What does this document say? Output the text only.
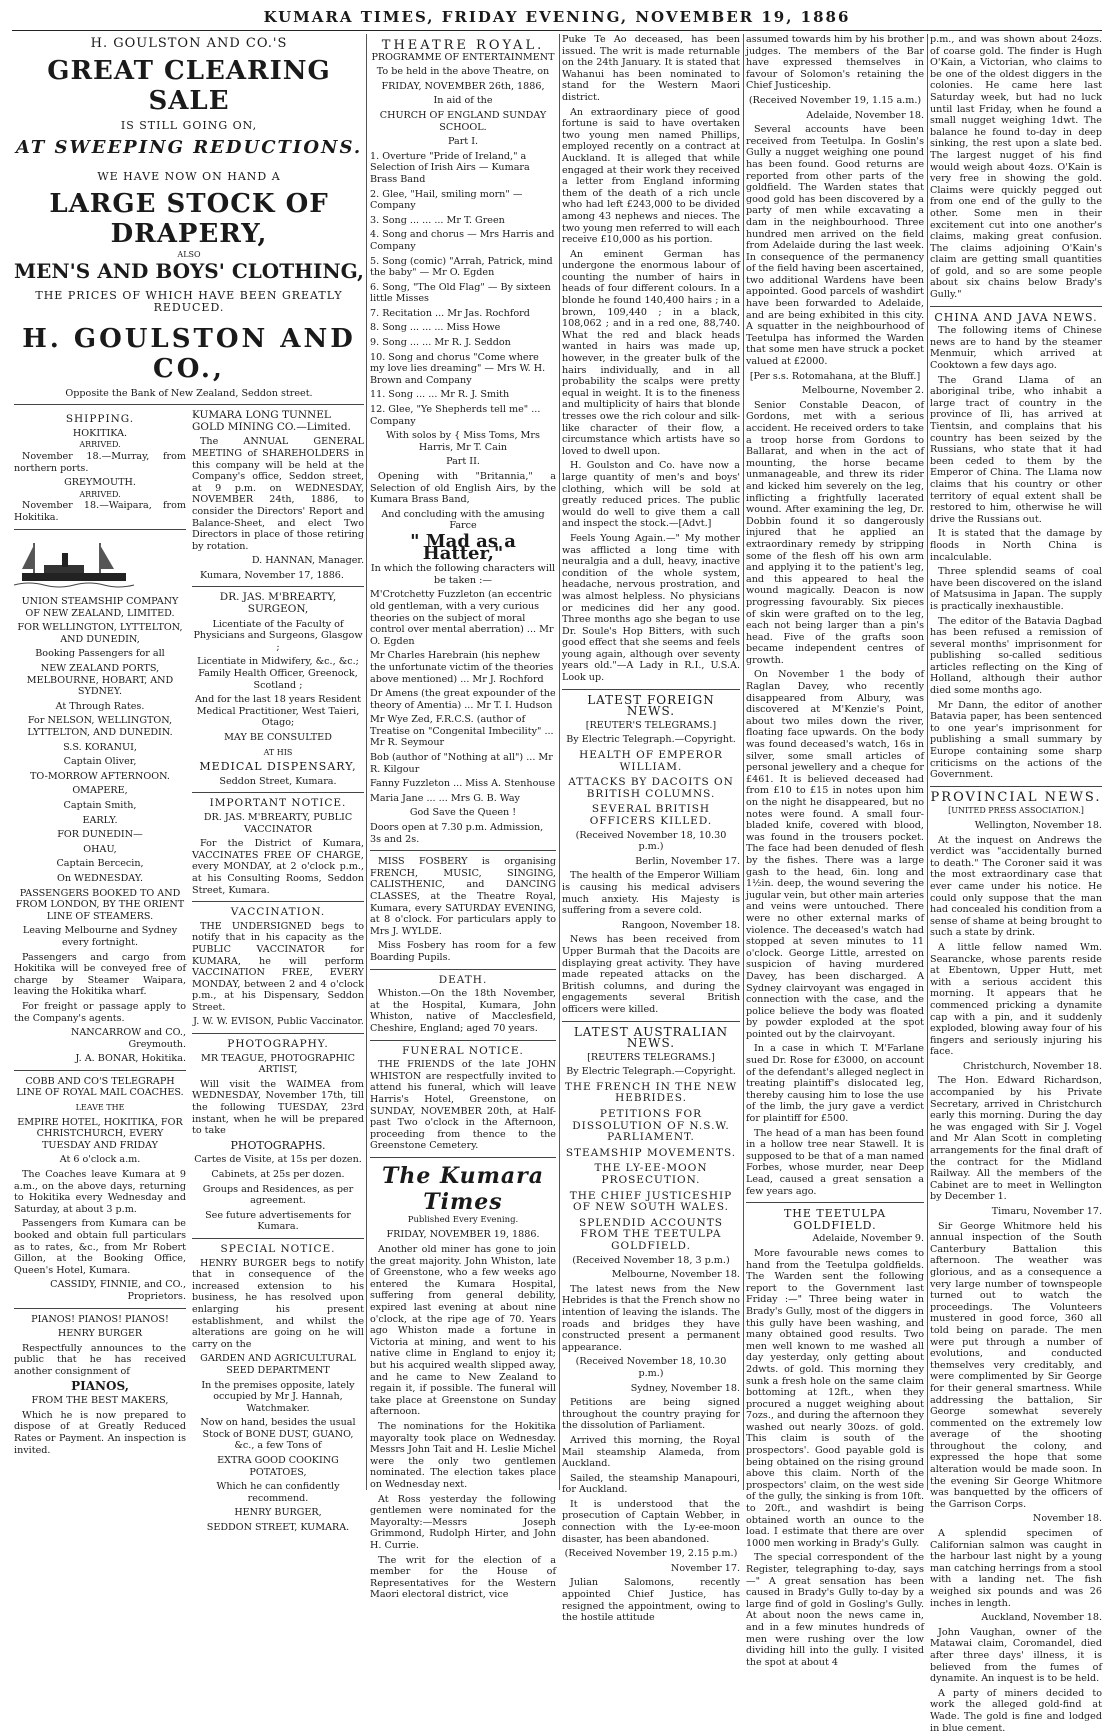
KUMARA TIMES, FRIDAY EVENING, NOVEMBER 19, 1886
H. GOULSTON AND CO.'S
GREAT CLEARING SALE
IS STILL GOING ON,
AT SWEEPING REDUCTIONS.
WE HAVE NOW ON HAND A
LARGE STOCK OF DRAPERY,
ALSO
MEN'S AND BOYS' CLOTHING,
THE PRICES OF WHICH HAVE BEEN GREATLY REDUCED.
H. GOULSTON AND CO.,
Opposite the Bank of New Zealand, Seddon street.
SHIPPING.
HOKITIKA.
ARRIVED.

November 18.—Murray, from northern ports.

GREYMOUTH.
ARRIVED.

November 18.—Waipara, from Hokitika.

UNION STEAMSHIP COMPANY OF NEW ZEALAND, LIMITED.

FOR WELLINGTON, LYTTELTON, AND DUNEDIN,

Booking Passengers for all

NEW ZEALAND PORTS, MELBOURNE, HOBART, AND SYDNEY.

At Through Rates.

For NELSON, WELLINGTON, LYTTELTON, AND DUNEDIN.

S.S. KORANUI,

Captain Oliver,

TO-MORROW AFTERNOON.

OMAPERE,

Captain Smith,

EARLY.

FOR DUNEDIN—

OHAU,

Captain Bercecin,

On WEDNESDAY.

PASSENGERS BOOKED TO AND FROM LONDON, BY THE ORIENT LINE OF STEAMERS.

Leaving Melbourne and Sydney every fortnight.

Passengers and cargo from Hokitika will be conveyed free of charge by Steamer Waipara, leaving the Hokitika wharf.

For freight or passage apply to the Company's agents.

NANCARROW and CO., Greymouth.

J. A. BONAR, Hokitika.

COBB AND CO'S TELEGRAPH LINE OF ROYAL MAIL COACHES.

LEAVE THE

EMPIRE HOTEL, HOKITIKA, FOR CHRISTCHURCH, EVERY TUESDAY AND FRIDAY

At 6 o'clock a.m.

The Coaches leave Kumara at 9 a.m., on the above days, returning to Hokitika every Wednesday and Saturday, at about 3 p.m.

Passengers from Kumara can be booked and obtain full particulars as to rates, &c., from Mr Robert Gillon, at the Booking Office, Queen's Hotel, Kumara.

CASSIDY, FINNIE, and CO., Proprietors.

PIANOS! PIANOS! PIANOS!

HENRY BURGER

Respectfully announces to the public that he has received another consignment of

PIANOS,

FROM THE BEST MAKERS,

Which he is now prepared to dispose of at Greatly Reduced Rates or Payment. An inspection is invited.

KUMARA LONG TUNNEL GOLD MINING CO.—Limited.

The ANNUAL GENERAL MEETING of SHAREHOLDERS in this company will be held at the Company's office, Seddon street, at 9 p.m. on WEDNESDAY, NOVEMBER 24th, 1886, to consider the Directors' Report and Balance-Sheet, and elect Two Directors in place of those retiring by rotation.

D. HANNAN, Manager.

Kumara, November 17, 1886.

DR. JAS. M'BREARTY, SURGEON,

Licentiate of the Faculty of Physicians and Surgeons, Glasgow ;

Licentiate in Midwifery, &c., &c.; Family Health Officer, Greenock, Scotland ;

And for the last 18 years Resident Medical Practitioner, West Taieri, Otago;

MAY BE CONSULTED

AT HIS

MEDICAL DISPENSARY,

Seddon Street, Kumara.

IMPORTANT NOTICE.

DR. JAS. M'BREARTY, PUBLIC VACCINATOR

For the District of Kumara, VACCINATES FREE OF CHARGE, every MONDAY, at 2 o'clock p.m., at his Consulting Rooms, Seddon Street, Kumara.

VACCINATION.

THE UNDERSIGNED begs to notify that in his capacity as the PUBLIC VACCINATOR for KUMARA, he will perform VACCINATION FREE, EVERY MONDAY, between 2 and 4 o'clock p.m., at his Dispensary, Seddon Street.

J. W. W. EVISON, Public Vaccinator.

PHOTOGRAPHY.

MR TEAGUE, PHOTOGRAPHIC ARTIST,

Will visit the WAIMEA from WEDNESDAY, November 17th, till the following TUESDAY, 23rd instant, when he will be prepared to take

PHOTOGRAPHS.

Cartes de Visite, at 15s per dozen.

Cabinets, at 25s per dozen.

Groups and Residences, as per agreement.

See future advertisements for Kumara.

SPECIAL NOTICE.

HENRY BURGER begs to notify that in consequence of the increased extension to his business, he has resolved upon enlarging his present establishment, and whilst the alterations are going on he will carry on the

GARDEN AND AGRICULTURAL SEED DEPARTMENT

In the premises opposite, lately occupied by Mr J. Hannah, Watchmaker.

Now on hand, besides the usual Stock of BONE DUST, GUANO, &c., a few Tons of

EXTRA GOOD COOKING POTATOES,

Which he can confidently recommend.

HENRY BURGER,

SEDDON STREET, KUMARA.

THEATRE ROYAL.

PROGRAMME OF ENTERTAINMENT

To be held in the above Theatre, on

FRIDAY, NOVEMBER 26th, 1886,

In aid of the

CHURCH OF ENGLAND SUNDAY SCHOOL.

Part I.

1. Overture "Pride of Ireland," a Selection of Irish Airs — Kumara Brass Band

2. Glee, "Hail, smiling morn" — Company

3. Song ... ... ... Mr T. Green

4. Song and chorus — Mrs Harris and Company

5. Song (comic) "Arrah, Patrick, mind the baby" — Mr O. Egden

6. Song, "The Old Flag" — By sixteen little Misses

7. Recitation ... Mr Jas. Rochford

8. Song ... ... ... Miss Howe

9. Song ... ... Mr R. J. Seddon

10. Song and chorus "Come where my love lies dreaming" — Mrs W. H. Brown and Company

11. Song ... ... Mr R. J. Smith

12. Glee, "Ye Shepherds tell me" ... Company

With solos by { Miss Toms, Mrs Harris, Mr T. Cain

Part II.

Opening with "Britannia," a Selection of old English Airs, by the Kumara Brass Band,

And concluding with the amusing Farce

" Mad as a Hatter,"

In which the following characters will be taken :—

M'Crotchetty Fuzzleton (an eccentric old gentleman, with a very curious theories on the subject of moral control over mental aberration) ... Mr O. Egden

Mr Charles Harebrain (his nephew the unfortunate victim of the theories above mentioned) ... Mr J. Rochford

Dr Amens (the great expounder of the theory of Amentia) ... Mr T. I. Hudson

Mr Wye Zed, F.R.C.S. (author of Treatise on "Congenital Imbecility" ... Mr R. Seymour

Bob (author of "Nothing at all") ... Mr R. Kilgour

Fanny Fuzzleton ... Miss A. Stenhouse

Maria Jane ... ... Mrs G. B. Way

God Save the Queen !

Doors open at 7.30 p.m. Admission, 3s and 2s.

MISS FOSBERY is organising FRENCH, MUSIC, SINGING, CALISTHENIC, and DANCING CLASSES, at the Theatre Royal, Kumara, every SATURDAY EVENING, at 8 o'clock. For particulars apply to Mrs J. WYLDE.

Miss Fosbery has room for a few Boarding Pupils.

DEATH.

Whiston.—On the 18th November, at the Hospital, Kumara, John Whiston, native of Macclesfield, Cheshire, England; aged 70 years.

FUNERAL NOTICE.

THE FRIENDS of the late JOHN WHISTON are respectfully invited to attend his funeral, which will leave Harris's Hotel, Greenstone, on SUNDAY, NOVEMBER 20th, at Half-past Two o'clock in the Afternoon, proceeding from thence to the Greenstone Cemetery.

The Kumara Times

Published Every Evening.

FRIDAY, NOVEMBER 19, 1886.

Another old miner has gone to join the great majority. John Whiston, late of Greenstone, who a few weeks ago entered the Kumara Hospital, suffering from general debility, expired last evening at about nine o'clock, at the ripe age of 70. Years ago Whiston made a fortune in Victoria at mining, and went to his native clime in England to enjoy it; but his acquired wealth slipped away, and he came to New Zealand to regain it, if possible. The funeral will take place at Greenstone on Sunday afternoon.

The nominations for the Hokitika mayoralty took place on Wednesday. Messrs John Tait and H. Leslie Michel were the only two gentlemen nominated. The election takes place on Wednesday next.

At Ross yesterday the following gentlemen were nominated for the Mayoralty:—Messrs Joseph Grimmond, Rudolph Hirter, and John H. Currie.

The writ for the election of a member for the House of Representatives for the Western Maori electoral district, vice

Puke Te Ao deceased, has been issued. The writ is made returnable on the 24th January. It is stated that Wahanui has been nominated to stand for the Western Maori district.

An extraordinary piece of good fortune is said to have overtaken two young men named Phillips, employed recently on a contract at Auckland. It is alleged that while engaged at their work they received a letter from England informing them of the death of a rich uncle who had left £243,000 to be divided among 43 nephews and nieces. The two young men referred to will each receive £10,000 as his portion.

An eminent German has undergone the enormous labour of counting the number of hairs in heads of four different colours. In a blonde he found 140,400 hairs ; in a brown, 109,440 ; in a black, 108,062 ; and in a red one, 88,740. What the red and black heads wanted in hairs was made up, however, in the greater bulk of the hairs individually, and in all probability the scalps were pretty equal in weight. It is to the fineness and multiplicity of hairs that blonde tresses owe the rich colour and silk-like character of their flow, a circumstance which artists have so loved to dwell upon.

H. Goulston and Co. have now a large quantity of men's and boys' clothing, which will be sold at greatly reduced prices. The public would do well to give them a call and inspect the stock.—[Advt.]

Feels Young Again.—" My mother was afflicted a long time with neuralgia and a dull, heavy, inactive condition of the whole system, headache, nervous prostration, and was almost helpless. No physicians or medicines did her any good. Three months ago she began to use Dr. Soule's Hop Bitters, with such good effect that she seems and feels young again, although over seventy years old."—A Lady in R.I., U.S.A. Look up.

LATEST FOREIGN NEWS.

[REUTER'S TELEGRAMS.]

By Electric Telegraph.—Copyright.

HEALTH OF EMPEROR WILLIAM.
ATTACKS BY DACOITS ON BRITISH COLUMNS.
SEVERAL BRITISH OFFICERS KILLED.

(Received November 18, 10.30 p.m.)

Berlin, November 17.

The health of the Emperor William is causing his medical advisers much anxiety. His Majesty is suffering from a severe cold.

Rangoon, November 18.

News has been received from Upper Burmah that the Dacoits are displaying great activity. They have made repeated attacks on the British columns, and during the engagements several British officers were killed.

LATEST AUSTRALIAN NEWS.

[REUTERS TELEGRAMS.]

By Electric Telegraph.—Copyright.

THE FRENCH IN THE NEW HEBRIDES.
PETITIONS FOR DISSOLUTION OF N.S.W. PARLIAMENT.
STEAMSHIP MOVEMENTS.
THE LY-EE-MOON PROSECUTION.
THE CHIEF JUSTICESHIP OF NEW SOUTH WALES.
SPLENDID ACCOUNTS FROM THE TEETULPA GOLDFIELD.

(Received November 18, 3 p.m.)

Melbourne, November 18.

The latest news from the New Hebrides is that the French show no intention of leaving the islands. The roads and bridges they have constructed present a permanent appearance.

(Received November 18, 10.30 p.m.)

Sydney, November 18.

Petitions are being signed throughout the country praying for the dissolution of Parliament.

Arrived this morning, the Royal Mail steamship Alameda, from Auckland.

Sailed, the steamship Manapouri, for Auckland.

It is understood that the prosecution of Captain Webber, in connection with the Ly-ee-moon disaster, has been abandoned.

(Received November 19, 2.15 p.m.)

November 17.

Julian Salomons, recently appointed Chief Justice, has resigned the appointment, owing to the hostile attitude

assumed towards him by his brother judges. The members of the Bar have expressed themselves in favour of Solomon's retaining the Chief Justiceship.

(Received November 19, 1.15 a.m.)

Adelaide, November 18.

Several accounts have been received from Teetulpa. In Goslin's Gully a nugget weighing one pound has been found. Good returns are reported from other parts of the goldfield. The Warden states that good gold has been discovered by a party of men while excavating a dam in the neighbourhood. Three hundred men arrived on the field from Adelaide during the last week. In consequence of the permanency of the field having been ascertained, two additional Wardens have been appointed. Good parcels of washdirt have been forwarded to Adelaide, and are being exhibited in this city. A squatter in the neighbourhood of Teetulpa has informed the Warden that some men have struck a pocket valued at £2000.

[Per s.s. Rotomahana, at the Bluff.]

Melbourne, November 2.

Senior Constable Deacon, of Gordons, met with a serious accident. He received orders to take a troop horse from Gordons to Ballarat, and when in the act of mounting, the horse became unmanageable, and threw its rider and kicked him severely on the leg, inflicting a frightfully lacerated wound. After examining the leg, Dr. Dobbin found it so dangerously injured that he applied an extraordinary remedy by stripping some of the flesh off his own arm and applying it to the patient's leg, and this appeared to heal the wound magically. Deacon is now progressing favourably. Six pieces of skin were grafted on to the leg, each not being larger than a pin's head. Five of the grafts soon became independent centres of growth.

On November 1 the body of Raglan Davey, who recently disappeared from Albury, was discovered at M'Kenzie's Point, about two miles down the river, floating face upwards. On the body was found deceased's watch, 16s in silver, some small articles of personal jewellery and a cheque for £461. It is believed deceased had from £10 to £15 in notes upon him on the night he disappeared, but no notes were found. A small four-bladed knife, covered with blood, was found in the trousers pocket. The face had been denuded of flesh by the fishes. There was a large gash to the head, 6in. long and 1½in. deep, the wound severing the jugular vein, but other main arteries and veins were untouched. There were no other external marks of violence. The deceased's watch had stopped at seven minutes to 11 o'clock. George Little, arrested on suspicion of having murdered Davey, has been discharged. A Sydney clairvoyant was engaged in connection with the case, and the police believe the body was floated by powder exploded at the spot pointed out by the clairvoyant.

In a case in which T. M'Farlane sued Dr. Rose for £3000, on account of the defendant's alleged neglect in treating plaintiff's dislocated leg, thereby causing him to lose the use of the limb, the jury gave a verdict for plaintiff for £500.

The head of a man has been found in a hollow tree near Stawell. It is supposed to be that of a man named Forbes, whose murder, near Deep Lead, caused a great sensation a few years ago.

THE TEETULPA GOLDFIELD.

Adelaide, November 9.

More favourable news comes to hand from the Teetulpa goldfields. The Warden sent the following report to the Government last Friday :—" Three being water in Brady's Gully, most of the diggers in this gully have been washing, and many obtained good results. Two men well known to me washed all day yesterday, only getting about 2dwts. of gold. This morning they sunk a fresh hole on the same claim bottoming at 12ft., when they procured a nugget weighing about 7ozs., and during the afternoon they washed out nearly 30ozs. of gold. This claim is south of the prospectors'. Good payable gold is being obtained on the rising ground above this claim. North of the prospectors' claim, on the west side of the gully, the sinking is from 10ft. to 20ft., and washdirt is being obtained worth an ounce to the load. I estimate that there are over 1000 men working in Brady's Gully.

The special correspondent of the Register, telegraphing to-day, says—" A great sensation has been caused in Brady's Gully to-day by a large find of gold in Gosling's Gully. At about noon the news came in, and in a few minutes hundreds of men were rushing over the low dividing hill into the gully. I visited the spot at about 4

p.m., and was shown about 24ozs. of coarse gold. The finder is Hugh O'Kain, a Victorian, who claims to be one of the oldest diggers in the colonies. He came here last Saturday week, but had no luck until last Friday, when he found a small nugget weighing 1dwt. The balance he found to-day in deep sinking, the rest upon a slate bed. The largest nugget of his find would weigh about 4ozs. O'Kain is very free in showing the gold. Claims were quickly pegged out from one end of the gully to the other. Some men in their excitement cut into one another's claims, making great confusion. The claims adjoining O'Kain's claim are getting small quantities of gold, and so are some people about six chains below Brady's Gully."

CHINA AND JAVA NEWS.

The following items of Chinese news are to hand by the steamer Menmuir, which arrived at Cooktown a few days ago.

The Grand Llama of an aboriginal tribe, who inhabit a large tract of country in the province of Ili, has arrived at Tientsin, and complains that his country has been seized by the Russians, who state that it had been ceded to them by the Emperor of China. The Llama now claims that his country or other territory of equal extent shall be restored to him, otherwise he will drive the Russians out.

It is stated that the damage by floods in North China is incalculable.

Three splendid seams of coal have been discovered on the island of Matsusima in Japan. The supply is practically inexhaustible.

The editor of the Batavia Dagbad has been refused a remission of several months' imprisonment for publishing so-called seditious articles reflecting on the King of Holland, although their author died some months ago.

Mr Dann, the editor of another Batavia paper, has been sentenced to one year's imprisonment for publishing a small summary by Europe containing some sharp criticisms on the actions of the Government.

PROVINCIAL NEWS.

[UNITED PRESS ASSOCIATION.]

Wellington, November 18.

At the inquest on Andrews the verdict was "accidentally burned to death." The Coroner said it was the most extraordinary case that ever came under his notice. He could only suppose that the man had concealed his condition from a sense of shame at being brought to such a state by drink.

A little fellow named Wm. Searancke, whose parents reside at Ebentown, Upper Hutt, met with a serious accident this morning. It appears that he commenced pricking a dynamite cap with a pin, and it suddenly exploded, blowing away four of his fingers and seriously injuring his face.

Christchurch, November 18.

The Hon. Edward Richardson, accompanied by his Private Secretary, arrived in Christchurch early this morning. During the day he was engaged with Sir J. Vogel and Mr Alan Scott in completing arrangements for the final draft of the contract for the Midland Railway. All the members of the Cabinet are to meet in Wellington by December 1.

Timaru, November 17.

Sir George Whitmore held his annual inspection of the South Canterbury Battalion this afternoon. The weather was glorious, and as a consequence a very large number of townspeople turned out to watch the proceedings. The Volunteers mustered in good force, 360 all told being on parade. The men were put through a number of evolutions, and conducted themselves very creditably, and were complimented by Sir George for their general smartness. While addressing the battalion, Sir George somewhat severely commented on the extremely low average of the shooting throughout the colony, and expressed the hope that some alteration would be made soon. In the evening Sir George Whitmore was banquetted by the officers of the Garrison Corps.

November 18.

A splendid specimen of Californian salmon was caught in the harbour last night by a young man catching herrings from a stool with a landing net. The fish weighed six pounds and was 26 inches in length.

Auckland, November 18.

John Vaughan, owner of the Matawai claim, Coromandel, died after three days' illness, it is believed from the fumes of dynamite. An inquest is to be held.

A party of miners decided to work the alleged gold-find at Wade. The gold is fine and lodged in blue cement.
